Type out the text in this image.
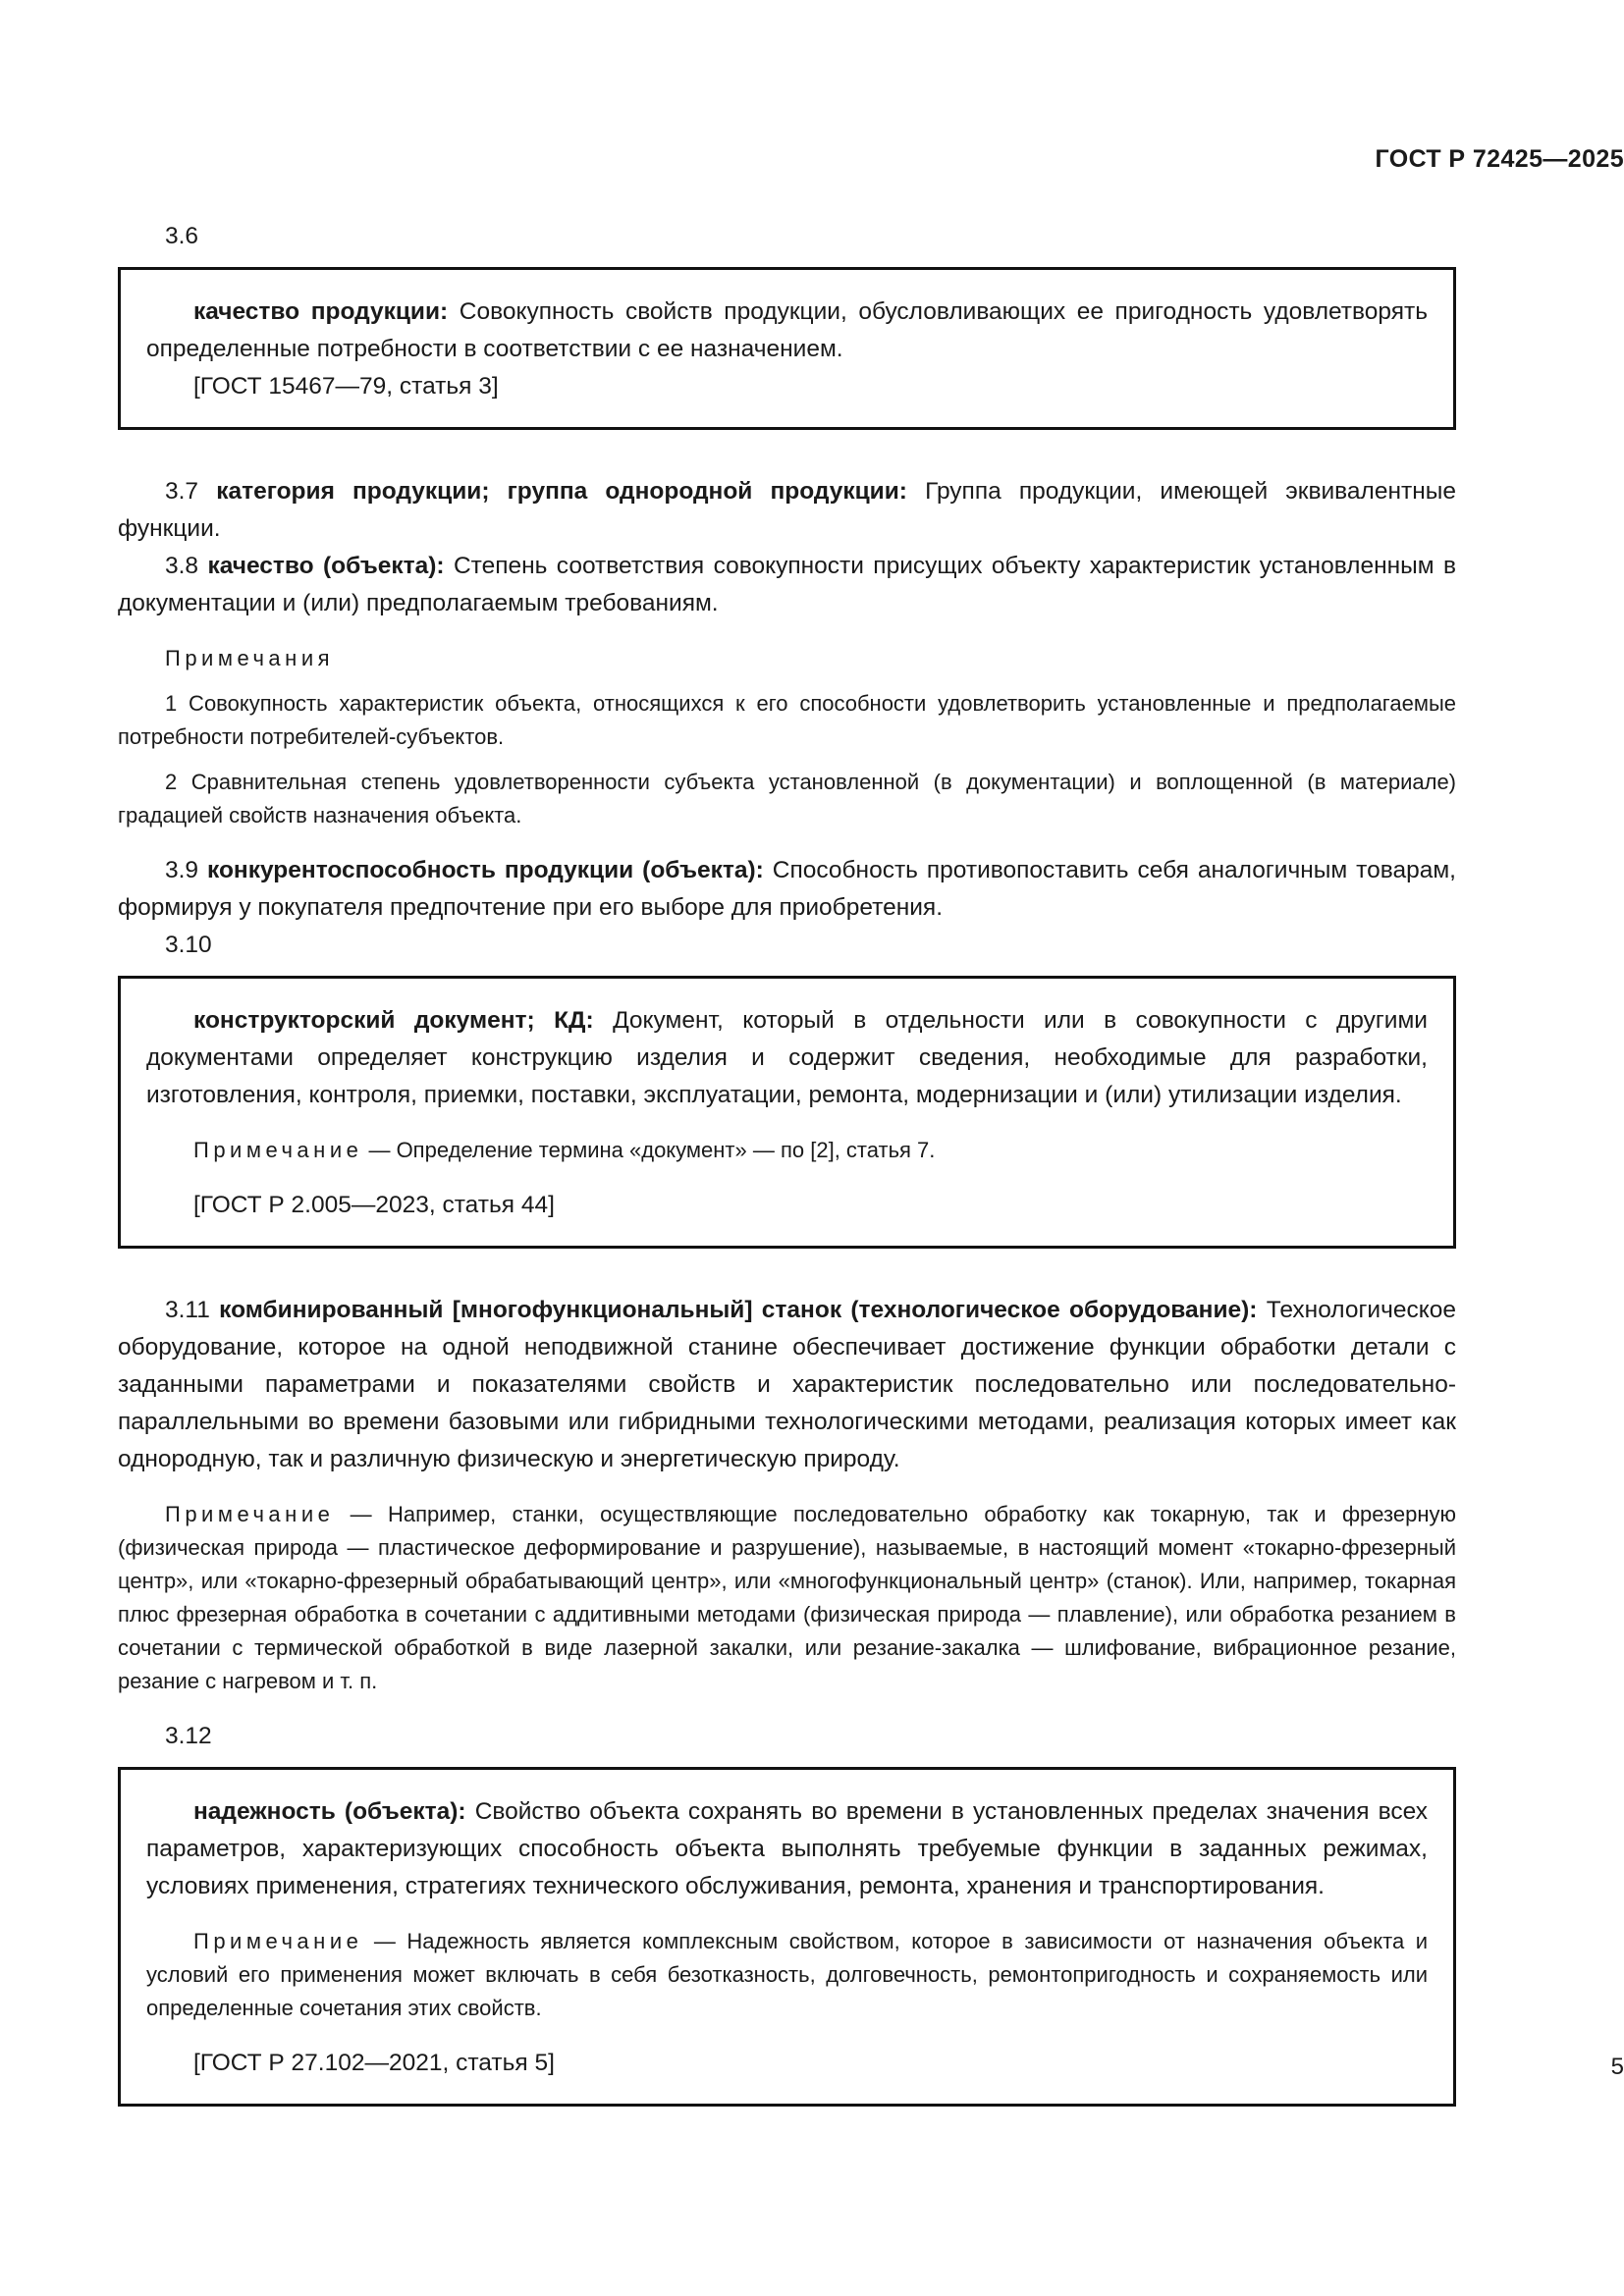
ГОСТ Р 72425—2025
3.6
качество продукции: Совокупность свойств продукции, обусловливающих ее пригодность удовлетворять определенные потребности в соответствии с ее назначением.
[ГОСТ 15467—79, статья 3]
3.7 категория продукции; группа однородной продукции: Группа продукции, имеющей эквивалентные функции.
3.8 качество (объекта): Степень соответствия совокупности присущих объекту характеристик установленным в документации и (или) предполагаемым требованиям.
Примечания
1 Совокупность характеристик объекта, относящихся к его способности удовлетворить установленные и предполагаемые потребности потребителей-субъектов.
2 Сравнительная степень удовлетворенности субъекта установленной (в документации) и воплощенной (в материале) градацией свойств назначения объекта.
3.9 конкурентоспособность продукции (объекта): Способность противопоставить себя аналогичным товарам, формируя у покупателя предпочтение при его выборе для приобретения.
3.10
конструкторский документ; КД: Документ, который в отдельности или в совокупности с другими документами определяет конструкцию изделия и содержит сведения, необходимые для разработки, изготовления, контроля, приемки, поставки, эксплуатации, ремонта, модернизации и (или) утилизации изделия.
Примечание — Определение термина «документ» — по [2], статья 7.
[ГОСТ Р 2.005—2023, статья 44]
3.11 комбинированный [многофункциональный] станок (технологическое оборудование): Технологическое оборудование, которое на одной неподвижной станине обеспечивает достижение функции обработки детали с заданными параметрами и показателями свойств и характеристик последовательно или последовательно-параллельными во времени базовыми или гибридными технологическими методами, реализация которых имеет как однородную, так и различную физическую и энергетическую природу.
Примечание — Например, станки, осуществляющие последовательно обработку как токарную, так и фрезерную (физическая природа — пластическое деформирование и разрушение), называемые, в настоящий момент «токарно-фрезерный центр», или «токарно-фрезерный обрабатывающий центр», или «многофункциональный центр» (станок). Или, например, токарная плюс фрезерная обработка в сочетании с аддитивными методами (физическая природа — плавление), или обработка резанием в сочетании с термической обработкой в виде лазерной закалки, или резание-закалка — шлифование, вибрационное резание, резание с нагревом и т. п.
3.12
надежность (объекта): Свойство объекта сохранять во времени в установленных пределах значения всех параметров, характеризующих способность объекта выполнять требуемые функции в заданных режимах, условиях применения, стратегиях технического обслуживания, ремонта, хранения и транспортирования.
Примечание — Надежность является комплексным свойством, которое в зависимости от назначения объекта и условий его применения может включать в себя безотказность, долговечность, ремонтопригодность и сохраняемость или определенные сочетания этих свойств.
[ГОСТ Р 27.102—2021, статья 5]	5
